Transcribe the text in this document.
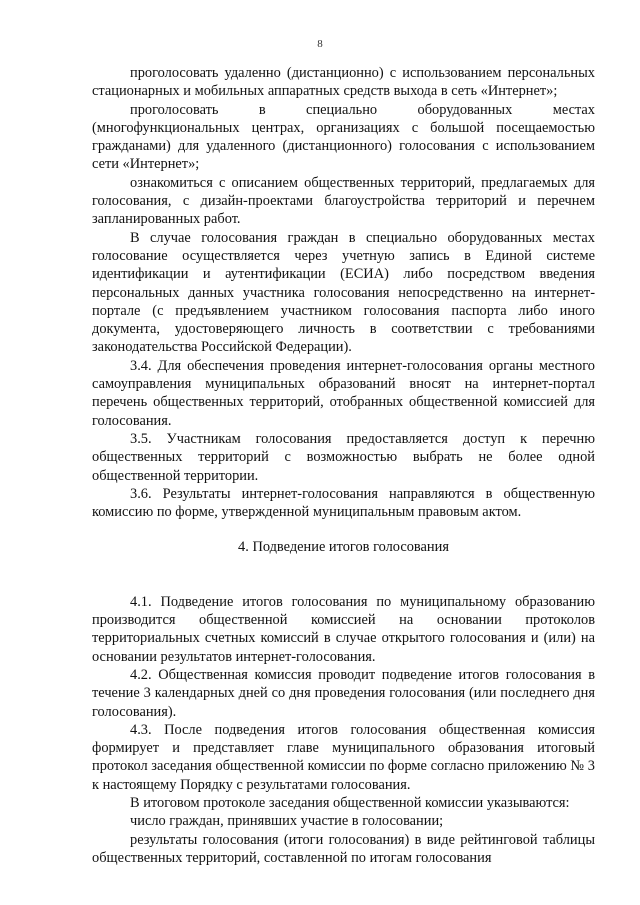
8

проголосовать удаленно (дистанционно) с использованием персональных стационарных и мобильных аппаратных средств выхода в сеть «Интернет»;

проголосовать в специально оборудованных местах (многофункциональных центрах, организациях с большой посещаемостью гражданами) для удаленного (дистанционного) голосования с использованием сети «Интернет»;

ознакомиться с описанием общественных территорий, предлагаемых для голосования, с дизайн-проектами благоустройства территорий и перечнем запланированных работ.

В случае голосования граждан в специально оборудованных местах голосование осуществляется через учетную запись в Единой системе идентификации и аутентификации (ЕСИА) либо посредством введения персональных данных участника голосования непосредственно на интернет-портале (с предъявлением участником голосования паспорта либо иного документа, удостоверяющего личность в соответствии с требованиями законодательства Российской Федерации).

3.4. Для обеспечения проведения интернет-голосования органы местного самоуправления муниципальных образований вносят на интернет-портал перечень общественных территорий, отобранных общественной комиссией для голосования.

3.5. Участникам голосования предоставляется доступ к перечню общественных территорий с возможностью выбрать не более одной общественной территории.

3.6. Результаты интернет-голосования направляются в общественную комиссию по форме, утвержденной муниципальным правовым актом.

4. Подведение итогов голосования

4.1. Подведение итогов голосования по муниципальному образованию производится общественной комиссией на основании протоколов территориальных счетных комиссий в случае открытого голосования и (или) на основании результатов интернет-голосования.

4.2. Общественная комиссия проводит подведение итогов голосования в течение 3 календарных дней со дня проведения голосования (или последнего дня голосования).

4.3. После подведения итогов голосования общественная комиссия формирует и представляет главе муниципального образования итоговый протокол заседания общественной комиссии по форме согласно приложению № 3 к настоящему Порядку с результатами голосования.

В итоговом протоколе заседания общественной комиссии указываются:

число граждан, принявших участие в голосовании;

результаты голосования (итоги голосования) в виде рейтинговой таблицы общественных территорий, составленной по итогам голосования
